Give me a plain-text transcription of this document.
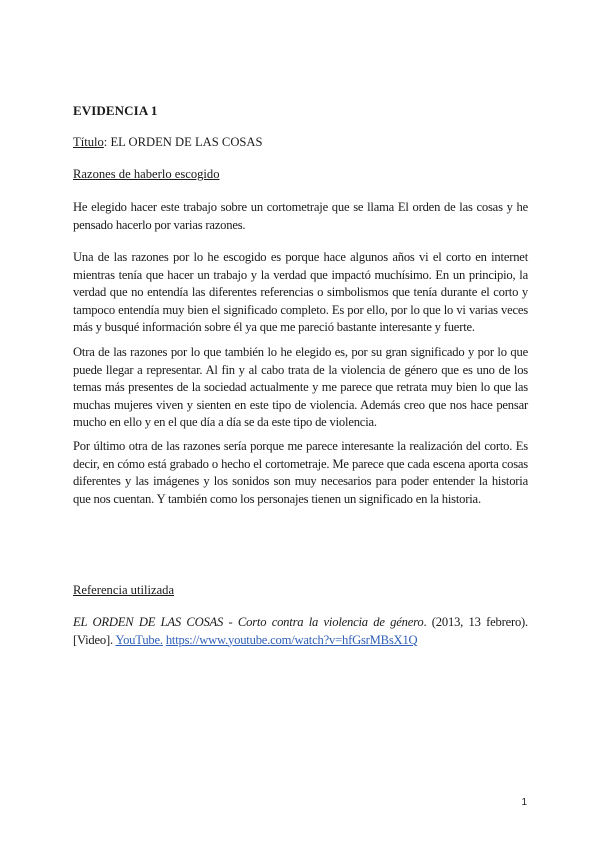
EVIDENCIA 1
Título: EL ORDEN DE LAS COSAS
Razones de haberlo escogido

He elegido hacer este trabajo sobre un cortometraje que se llama El orden de las cosas y he pensado hacerlo por varias razones.

Una de las razones por lo he escogido es porque hace algunos años vi el corto en internet mientras tenía que hacer un trabajo y la verdad que impactó muchísimo. En un principio, la verdad que no entendía las diferentes referencias o simbolismos que tenía durante el corto y tampoco entendía muy bien el significado completo. Es por ello, por lo que lo vi varias veces más y busqué información sobre él ya que me pareció bastante interesante y fuerte.

Otra de las razones por lo que también lo he elegido es, por su gran significado y por lo que puede llegar a representar. Al fin y al cabo trata de la violencia de género que es uno de los temas más presentes de la sociedad actualmente y me parece que retrata muy bien lo que las muchas mujeres viven y sienten en este tipo de violencia. Además creo que nos hace pensar mucho en ello y en el que día a día se da este tipo de violencia.

Por último otra de las razones sería porque me parece interesante la realización del corto. Es decir, en cómo está grabado o hecho el cortometraje. Me parece que cada escena aporta cosas diferentes y las imágenes y los sonidos son muy necesarios para poder entender la historia que nos cuentan. Y también como los personajes tienen un significado en la historia.

Referencia utilizada

EL ORDEN DE LAS COSAS - Corto contra la violencia de género. (2013, 13 febrero). [Video]. YouTube. https://www.youtube.com/watch?v=hfGsrMBsX1Q

1
